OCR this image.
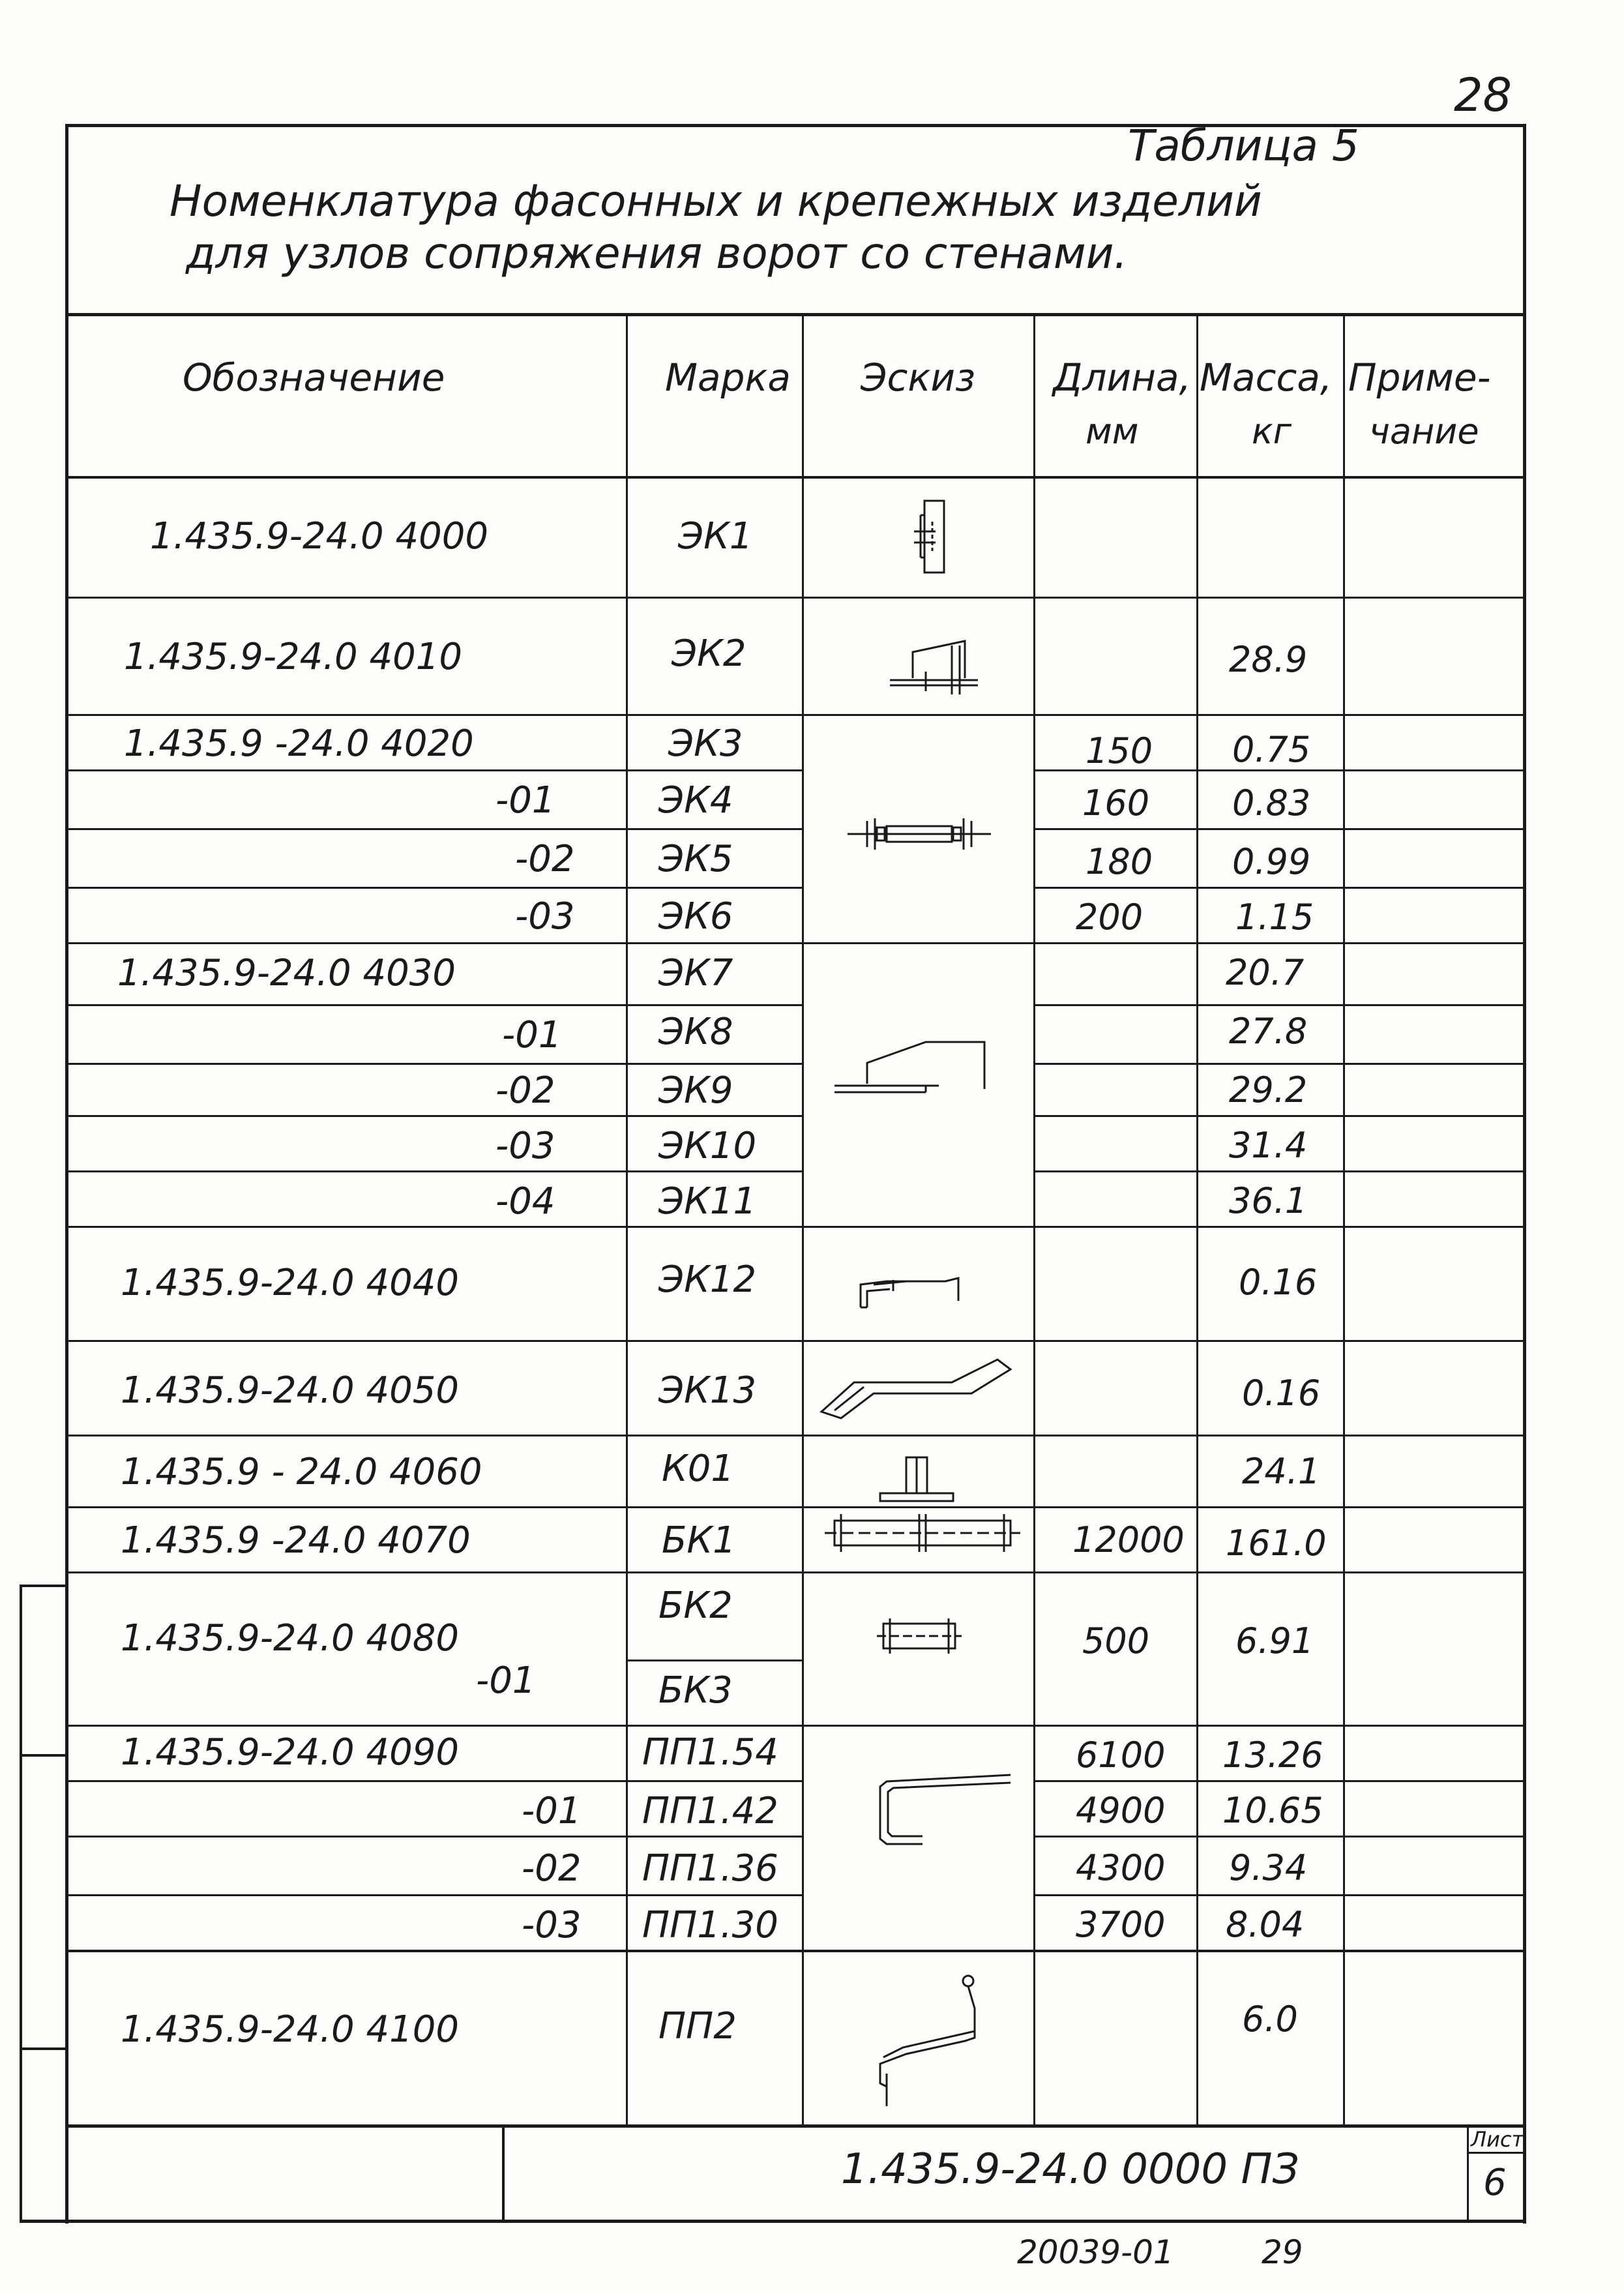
28
Таблица 5
Номенклатура фасонных и крепежных изделий
для узлов сопряжения ворот со стенами.
Обозначение	Марка Эскиз Длина,
мм
Масса,
кг
Приме-
чание
1.435.9-24.0 4000
1.435.9-24.0 4010
1.435.9 -24.0 4020
-01
-02
-03
1.435.9-24.0 4030
-01
-02
-03
-04
1.435.9-24.0 4040
1.435.9-24.0 4050
1.435.9 - 24.0 4060
1.435.9 -24.0 4070
1.435.9-24.0 4080
-01
1.435.9-24.0 4090
-01
-02
-03
1.435.9-24.0 4100
ЭК1
ЭК2
ЭК3
ЭК4
ЭК5
ЭК6
ЭК7
ЭК8
ЭК9
ЭК10
ЭК11
ЭК12
ЭК13
К01
БК1
БК2
БК3
ПП1.54
ПП1.42
ПП1.36
ПП1.30
ПП2
150
160
180
200
12000
500
6100
4900
4300
3700
28.9
0.75
0.83
0.99
1.15
20.7
27.8
29.2
31.4
36.1
0.16
0.16
24.1
161.0
6.91
13.26
10.65
9.34
8.04
6.0
Лист
6
1.435.9-24.0 0000 ПЗ
20039-01	29
